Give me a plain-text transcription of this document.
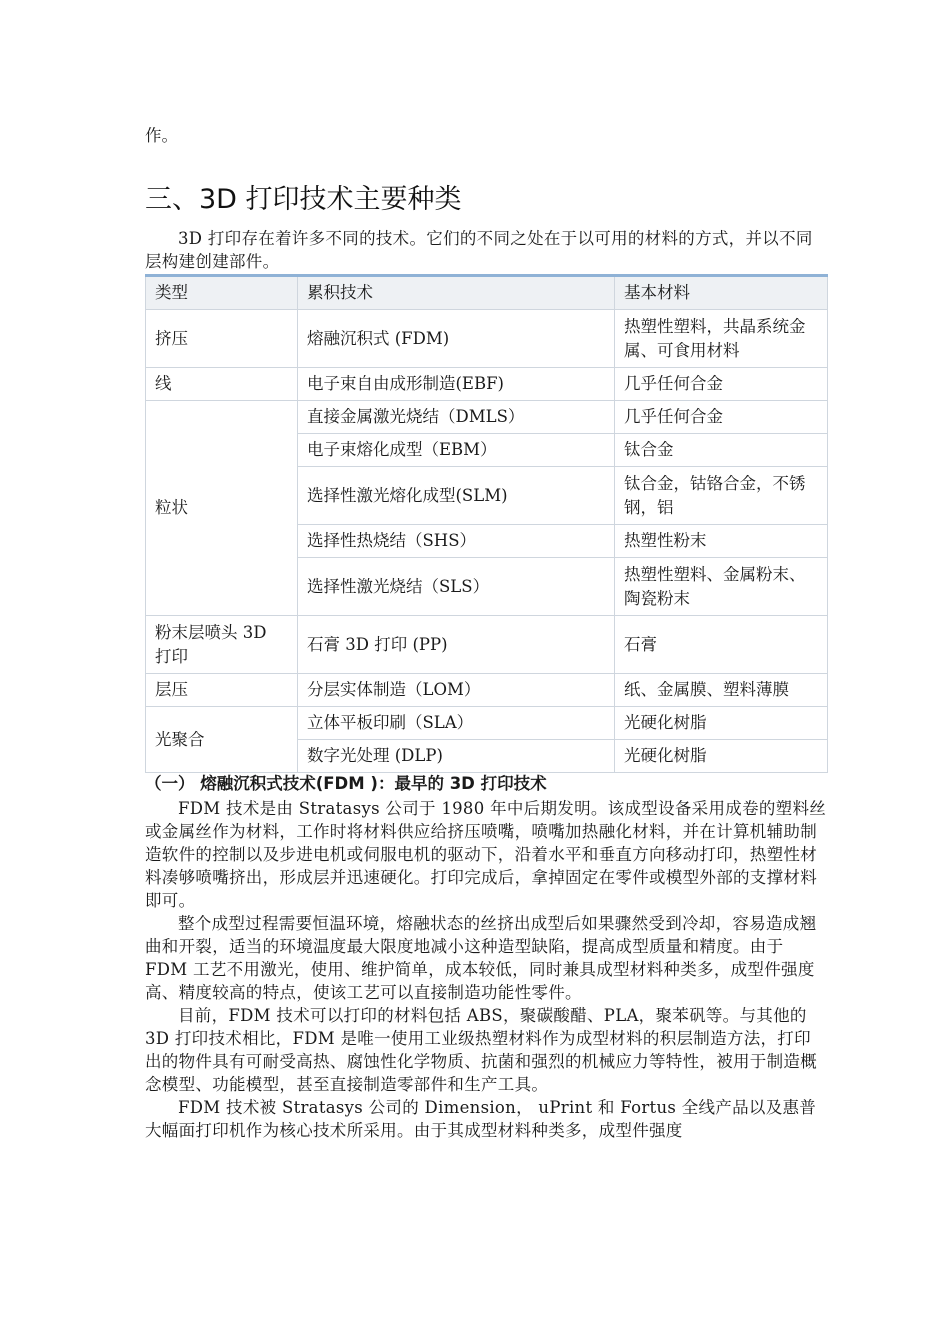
作。
三、3D 打印技术主要种类

3D 打印存在着许多不同的技术。它们的不同之处在于以可用的材料的方式，并以不同层构建创建部件。

类型	累积技术	基本材料
挤压	熔融沉积式 (FDM)	热塑性塑料，共晶系统金属、可食用材料
线	电子束自由成形制造(EBF)	几乎任何合金
粒状	直接金属激光烧结（DMLS）	几乎任何合金
	电子束熔化成型（EBM）	钛合金
	选择性激光熔化成型(SLM)	钛合金，钴铬合金，不锈钢，铝
	选择性热烧结（SHS）	热塑性粉末
	选择性激光烧结（SLS）	热塑性塑料、金属粉末、陶瓷粉末
粉末层喷头 3D 打印	石膏 3D 打印 (PP)	石膏
层压	分层实体制造（LOM）	纸、金属膜、塑料薄膜
光聚合	立体平板印刷（SLA）	光硬化树脂
	数字光处理 (DLP)	光硬化树脂
（一） 熔融沉积式技术(FDM )：最早的 3D 打印技术

FDM 技术是由 Stratasys 公司于 1980 年中后期发明。该成型设备采用成卷的塑料丝或金属丝作为材料，工作时将材料供应给挤压喷嘴，喷嘴加热融化材料，并在计算机辅助制造软件的控制以及步进电机或伺服电机的驱动下，沿着水平和垂直方向移动打印，热塑性材料凑够喷嘴挤出，形成层并迅速硬化。打印完成后，拿掉固定在零件或模型外部的支撑材料即可。

整个成型过程需要恒温环境，熔融状态的丝挤出成型后如果骤然受到冷却，容易造成翘曲和开裂，适当的环境温度最大限度地减小这种造型缺陷，提高成型质量和精度。由于 FDM 工艺不用激光，使用、维护简单，成本较低，同时兼具成型材料种类多，成型件强度高、精度较高的特点，使该工艺可以直接制造功能性零件。

目前，FDM 技术可以打印的材料包括 ABS，聚碳酸醋、PLA，聚苯矾等。与其他的 3D 打印技术相比，FDM 是唯一使用工业级热塑材料作为成型材料的积层制造方法，打印出的物件具有可耐受高热、腐蚀性化学物质、抗菌和强烈的机械应力等特性，被用于制造概念模型、功能模型，甚至直接制造零部件和生产工具。

FDM 技术被 Stratasys 公司的 Dimension， uPrint 和 Fortus 全线产品以及惠普大幅面打印机作为核心技术所采用。由于其成型材料种类多，成型件强度
